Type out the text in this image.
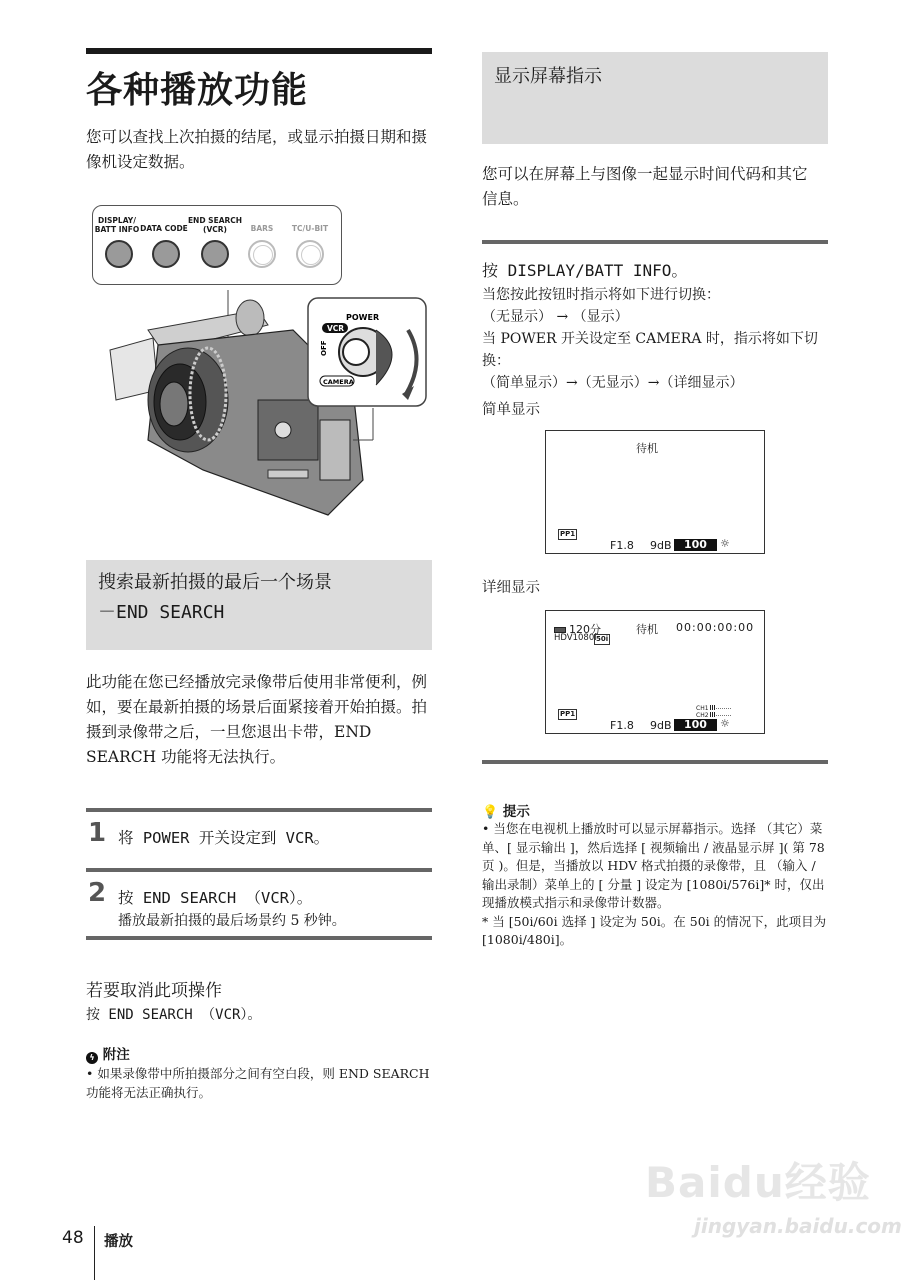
各种播放功能
您可以查找上次拍摄的结尾，或显示拍摄日期和摄像机设定数据。
DISPLAY/ BATT INFO DATA CODE
END SEARCH (VCR)	BARS	TC/U-BIT
POWER
VCR
OFF
CAMERA
搜索最新拍摄的最后一个场景
－END SEARCH
此功能在您已经播放完录像带后使用非常便利，例如，要在最新拍摄的场景后面紧接着开始拍摄。拍摄到录像带之后，一旦您退出卡带，END SEARCH 功能将无法执行。
1 将 POWER 开关设定到 VCR。
2 按 END SEARCH （VCR）。
播放最新拍摄的最后场景约 5 秒钟。
若要取消此项操作
按 END SEARCH （VCR）。
ϟ 附注
• 如果录像带中所拍摄部分之间有空白段，则 END SEARCH 功能将无法正确执行。
显示屏幕指示
您可以在屏幕上与图像一起显示时间代码和其它信息。
按 DISPLAY/BATT INFO。
当您按此按钮时指示将如下进行切换：
（无显示） → （显示）
当 POWER 开关设定至 CAMERA 时，指示将如下切换：
（简单显示）→（无显示）→（详细显示）
简单显示
待机
PP1
F1.8 9dB	100	☼
详细显示
120分	待机 00:00:00:00
HDV1080i 50i
PP1
CH1
CH2
F1.8 9dB	100	☼
💡 提示
• 当您在电视机上播放时可以显示屏幕指示。选择 （其它）菜单、[ 显示输出 ]，然后选择 [ 视频输出 / 液晶显示屏 ]( 第 78 页 )。但是，当播放以 HDV 格式拍摄的录像带，且 （输入 / 输出录制）菜单上的 [ 分量 ] 设定为 [1080i/576i]* 时，仅出现播放模式指示和录像带计数器。
* 当 [50i/60i 选择 ] 设定为 50i。在 50i 的情况下，此项目为 [1080i/480i]。
48 播放
Baidu经验
jingyan.baidu.com
